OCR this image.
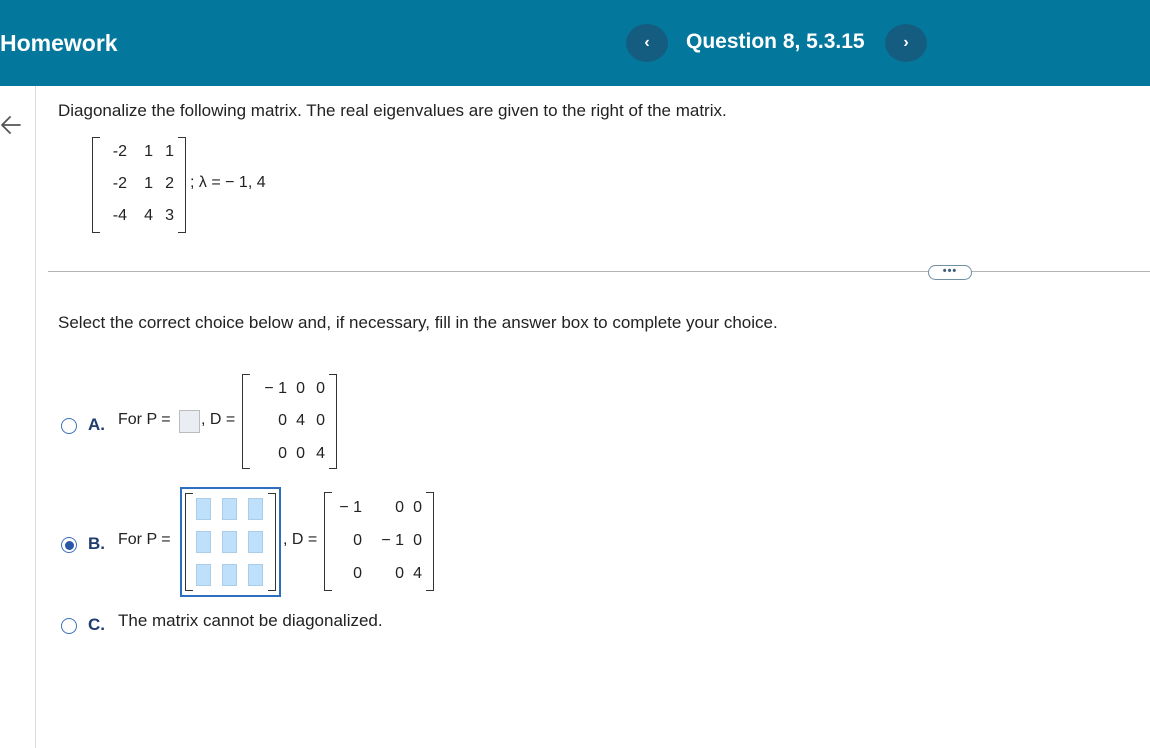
Homework	‹	Question 8, 5.3.15	›
Diagonalize the following matrix. The real eigenvalues are given to the right of the matrix.
-2 1 1
-2 1 2
-4 4 3
; λ = − 1, 4
•••
Select the correct choice below and, if necessary, fill in the answer box to complete your choice.
A. For P = , D =
− 1 0 0
0 4 0
0 0 4
B. For P =	, D =
− 1 0 0
0 − 1 0
0 0 4
C. The matrix cannot be diagonalized.
